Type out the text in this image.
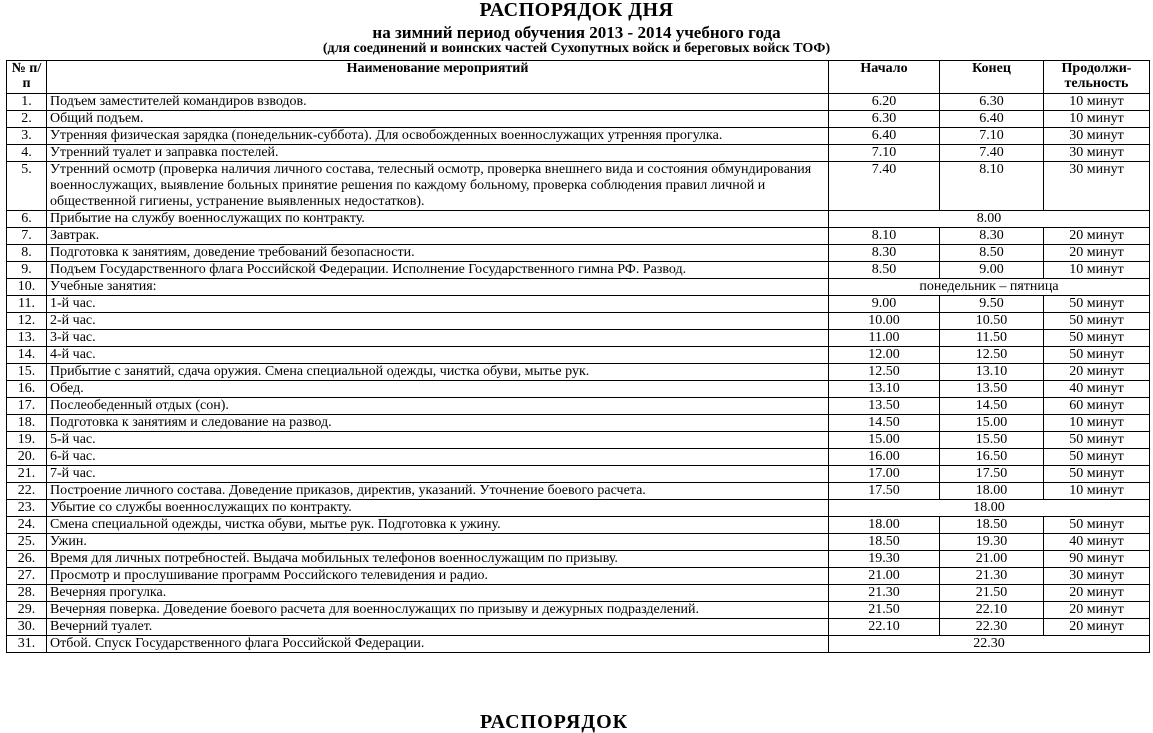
РАСПОРЯДОК ДНЯ
на зимний период обучения 2013 - 2014 учебного года
(для соединений и воинских частей Сухопутных войск и береговых войск ТОФ)
№ п/п	Наименование мероприятий	Начало	Конец	Продолжи-тельность
1.	Подъем заместителей командиров взводов.	6.20	6.30	10 минут
2.	Общий подъем.	6.30	6.40	10 минут
3.	Утренняя физическая зарядка (понедельник-суббота). Для освобожденных военнослужащих утренняя прогулка.	6.40	7.10	30 минут
4.	Утренний туалет и заправка постелей.	7.10	7.40	30 минут
5.	Утренний осмотр (проверка наличия личного состава, телесный осмотр, проверка внешнего вида и состояния обмундирования военнослужащих, выявление больных принятие решения по каждому больному, проверка соблюдения правил личной и общественной гигиены, устранение выявленных недостатков).	7.40	8.10	30 минут
6.	Прибытие на службу военнослужащих по контракту.	8.00		
7.	Завтрак.	8.10	8.30	20 минут
8.	Подготовка к занятиям, доведение требований безопасности.	8.30	8.50	20 минут
9.	Подъем Государственного флага Российской Федерации. Исполнение Государственного гимна РФ. Развод.	8.50	9.00	10 минут
10.	Учебные занятия:	понедельник – пятница		
11.	1-й час.	9.00	9.50	50 минут
12.	2-й час.	10.00	10.50	50 минут
13.	3-й час.	11.00	11.50	50 минут
14.	4-й час.	12.00	12.50	50 минут
15.	Прибытие с занятий, сдача оружия. Смена специальной одежды, чистка обуви, мытье рук.	12.50	13.10	20 минут
16.	Обед.	13.10	13.50	40 минут
17.	Послеобеденный отдых (сон).	13.50	14.50	60 минут
18.	Подготовка к занятиям и следование на развод.	14.50	15.00	10 минут
19.	5-й час.	15.00	15.50	50 минут
20.	6-й час.	16.00	16.50	50 минут
21.	7-й час.	17.00	17.50	50 минут
22.	Построение личного состава. Доведение приказов, директив, указаний. Уточнение боевого расчета.	17.50	18.00	10 минут
23.	Убытие со службы военнослужащих по контракту.	18.00		
24.	Смена специальной одежды, чистка обуви, мытье рук. Подготовка к ужину.	18.00	18.50	50 минут
25.	Ужин.	18.50	19.30	40 минут
26.	Время для личных потребностей. Выдача мобильных телефонов военнослужащим по призыву.	19.30	21.00	90 минут
27.	Просмотр и прослушивание программ Российского телевидения и радио.	21.00	21.30	30 минут
28.	Вечерняя прогулка.	21.30	21.50	20 минут
29.	Вечерняя поверка. Доведение боевого расчета для военнослужащих по призыву и дежурных подразделений.	21.50	22.10	20 минут
30.	Вечерний туалет.	22.10	22.30	20 минут
31.	Отбой. Спуск Государственного флага Российской Федерации.	22.30		
РАСПОРЯДОК
